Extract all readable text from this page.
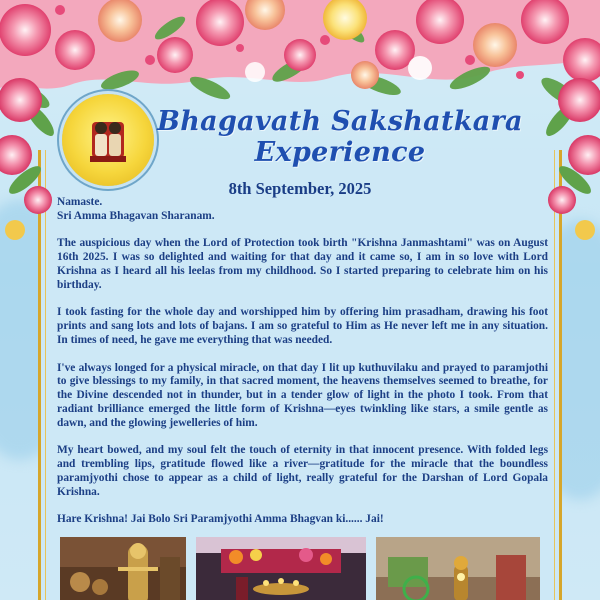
Bhagavath Sakshatkara
Experience
8th September, 2025

Namaste.
Sri Amma Bhagavan Sharanam.

The auspicious day when the Lord of Protection took birth "Krishna Janmashtami" was on August 16th 2025. I was so delighted and waiting for that day and it came so, I am in so love with Lord Krishna as I heard all his leelas from my childhood. So I started preparing to celebrate him on his birthday.

I took fasting for the whole day and worshipped him by offering him prasadham, drawing his foot prints and sang lots and lots of bajans. I am so grateful to Him as He never left me in any situation. In times of need, he gave me everything that was needed.

I've always longed for a physical miracle, on that day I lit up kuthuvilaku and prayed to paramjothi to give blessings to my family, in that sacred moment, the heavens themselves seemed to breathe, for the Divine descended not in thunder, but in a tender glow of light in the photo I took. From that radiant brilliance emerged the little form of Krishna—eyes twinkling like stars, a smile gentle as dawn, and the glowing jewelleries of him.

My heart bowed, and my soul felt the touch of eternity in that innocent presence. With folded legs and trembling lips, gratitude flowed like a river—gratitude for the miracle that the boundless paramjyothi chose to appear as a child of light, really grateful for the Darshan of Lord Gopala Krishna.

Hare Krishna! Jai Bolo Sri Paramjyothi Amma Bhagvan ki...... Jai!
